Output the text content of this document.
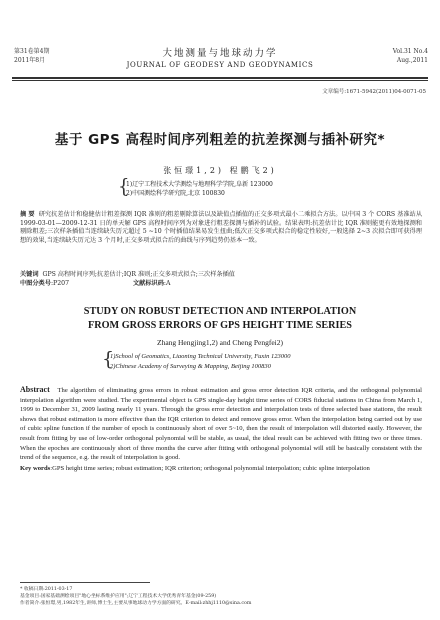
第31卷第4期
2011年8月
大地测量与地球动力学
JOURNAL OF GEODESY AND GEODYNAMICS
Vol.31 No.4
Aug.,2011
文章编号:1671-5942(2011)04-0071-05
基于 GPS 高程时间序列粗差的抗差探测与插补研究*
张恒璟1,2) 程鹏飞2)
{
1)辽宁工程技术大学测绘与地理科学学院,阜新 123000
2)中国测绘科学研究院,北京 100830
摘 要 研究抗差估计和稳健估计粗差探测 IQR 准则的粗差剔除算法以及缺值点插值的正交多项式最小二乘拟合方法。以中国 3 个 CORS 基准站从 1999-03-01—2009-12-31 日的单天解 GPS 高程时间序列为对象进行粗差探测与插补的试验。结果表明:抗差估计比 IQR 准则能更有效地探测和剔除粗差;三次样条插值当连续缺失历元超过 5 ~10 个时插值结果易发生扭曲;低次正交多项式拟合的稳定性较好,一般选择 2~3 次拟合即可获得理想的效果,当连续缺失历元达 3 个月时,正交多项式拟合后的曲线与序列趋势仍基本一致。
关键词 GPS 高程时间序列;抗差估计;IQR 准则;正交多项式拟合;三次样条插值
中图分类号:P207	文献标识码:A
STUDY ON ROBUST DETECTION AND INTERPOLATION
FROM GROSS ERRORS OF GPS HEIGHT TIME SERIES
Zhang Hengjing1,2) and Cheng Pengfei2)
{
1)School of Geomatics, Liaoning Technical University, Fuxin 123000
2)Chinese Academy of Surveying & Mapping, Beijing 100830
Abstract The algorithm of eliminating gross errors in robust estimation and gross error detection IQR criteria, and the orthogonal polynomial interpolation algorithm were studied. The experimental object is GPS single-day height time series of CORS fiducial stations in China from March 1, 1999 to December 31, 2009 lasting nearly 11 years. Through the gross error detection and interpolation tests of three selected base stations, the result shows that robust estimation is more effective than the IQR criterion to detect and remove gross error. When the interpolation being carried out by use of cubic spline function if the number of epoch is continuously short of over 5~10, then the result of interpolation will distorted easily. However, the result from fitting by use of low-order orthogonal polynomial will be stable, as usual, the ideal result can be achieved with fitting two or three times. When the epoches are continuously short of three months the curve after fitting with orthogonal polynomial will still be basically consistent with the trend of the sequence, e.g. the result of interpolation is good.
Key words:GPS height time series; robust estimation; IQR criterion; orthogonal polynomial interpolation; cubic spline interpolation
* 收稿日期:2011-03-17
基金项目:国家基础测绘项目"地心坐标系维护应用";辽宁工程技术大学优秀青年基金(09-259)
作者简介:张恒璟,男,1982年生,讲师,博士生,主要从事地球动力学方面的研究。E-mail:zhhj1110@sina.com
